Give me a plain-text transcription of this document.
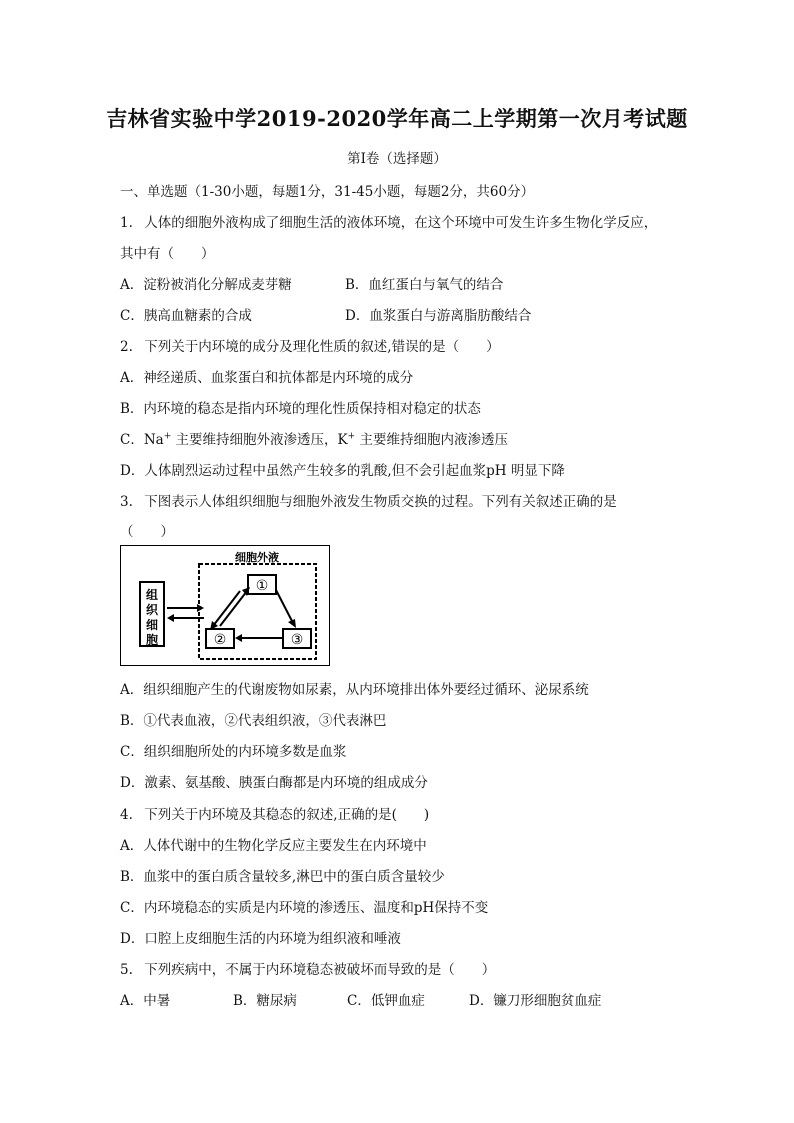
吉林省实验中学2019-2020学年高二上学期第一次月考试题
第I卷（选择题）
一、单选题（1-30小题，每题1分，31-45小题，每题2分，共60分）
1. 人体的细胞外液构成了细胞生活的液体环境，在这个环境中可发生许多生物化学反应，
其中有（　　）
A．淀粉被消化分解成麦芽糖	B．血红蛋白与氧气的结合
C．胰高血糖素的合成	D．血浆蛋白与游离脂肪酸结合
2. 下列关于内环境的成分及理化性质的叙述,错误的是（　　）
A．神经递质、血浆蛋白和抗体都是内环境的成分
B．内环境的稳态是指内环境的理化性质保持相对稳定的状态
C．Na+ 主要维持细胞外液渗透压，K+ 主要维持细胞内液渗透压
D．人体剧烈运动过程中虽然产生较多的乳酸,但不会引起血浆pH 明显下降
3. 下图表示人体组织细胞与细胞外液发生物质交换的过程。下列有关叙述正确的是
（　　）
细胞外液
组
织
细
胞
①
②	③
A．组织细胞产生的代谢废物如尿素，从内环境排出体外要经过循环、泌尿系统
B．①代表血液，②代表组织液，③代表淋巴
C．组织细胞所处的内环境多数是血浆
D．激素、氨基酸、胰蛋白酶都是内环境的组成成分
4. 下列关于内环境及其稳态的叙述,正确的是(　　)
A．人体代谢中的生物化学反应主要发生在内环境中
B．血浆中的蛋白质含量较多,淋巴中的蛋白质含量较少
C．内环境稳态的实质是内环境的渗透压、温度和pH保持不变
D．口腔上皮细胞生活的内环境为组织液和唾液
5. 下列疾病中，不属于内环境稳态被破坏而导致的是（　　）
A．中暑	B．糖尿病	C．低钾血症	D．镰刀形细胞贫血症
